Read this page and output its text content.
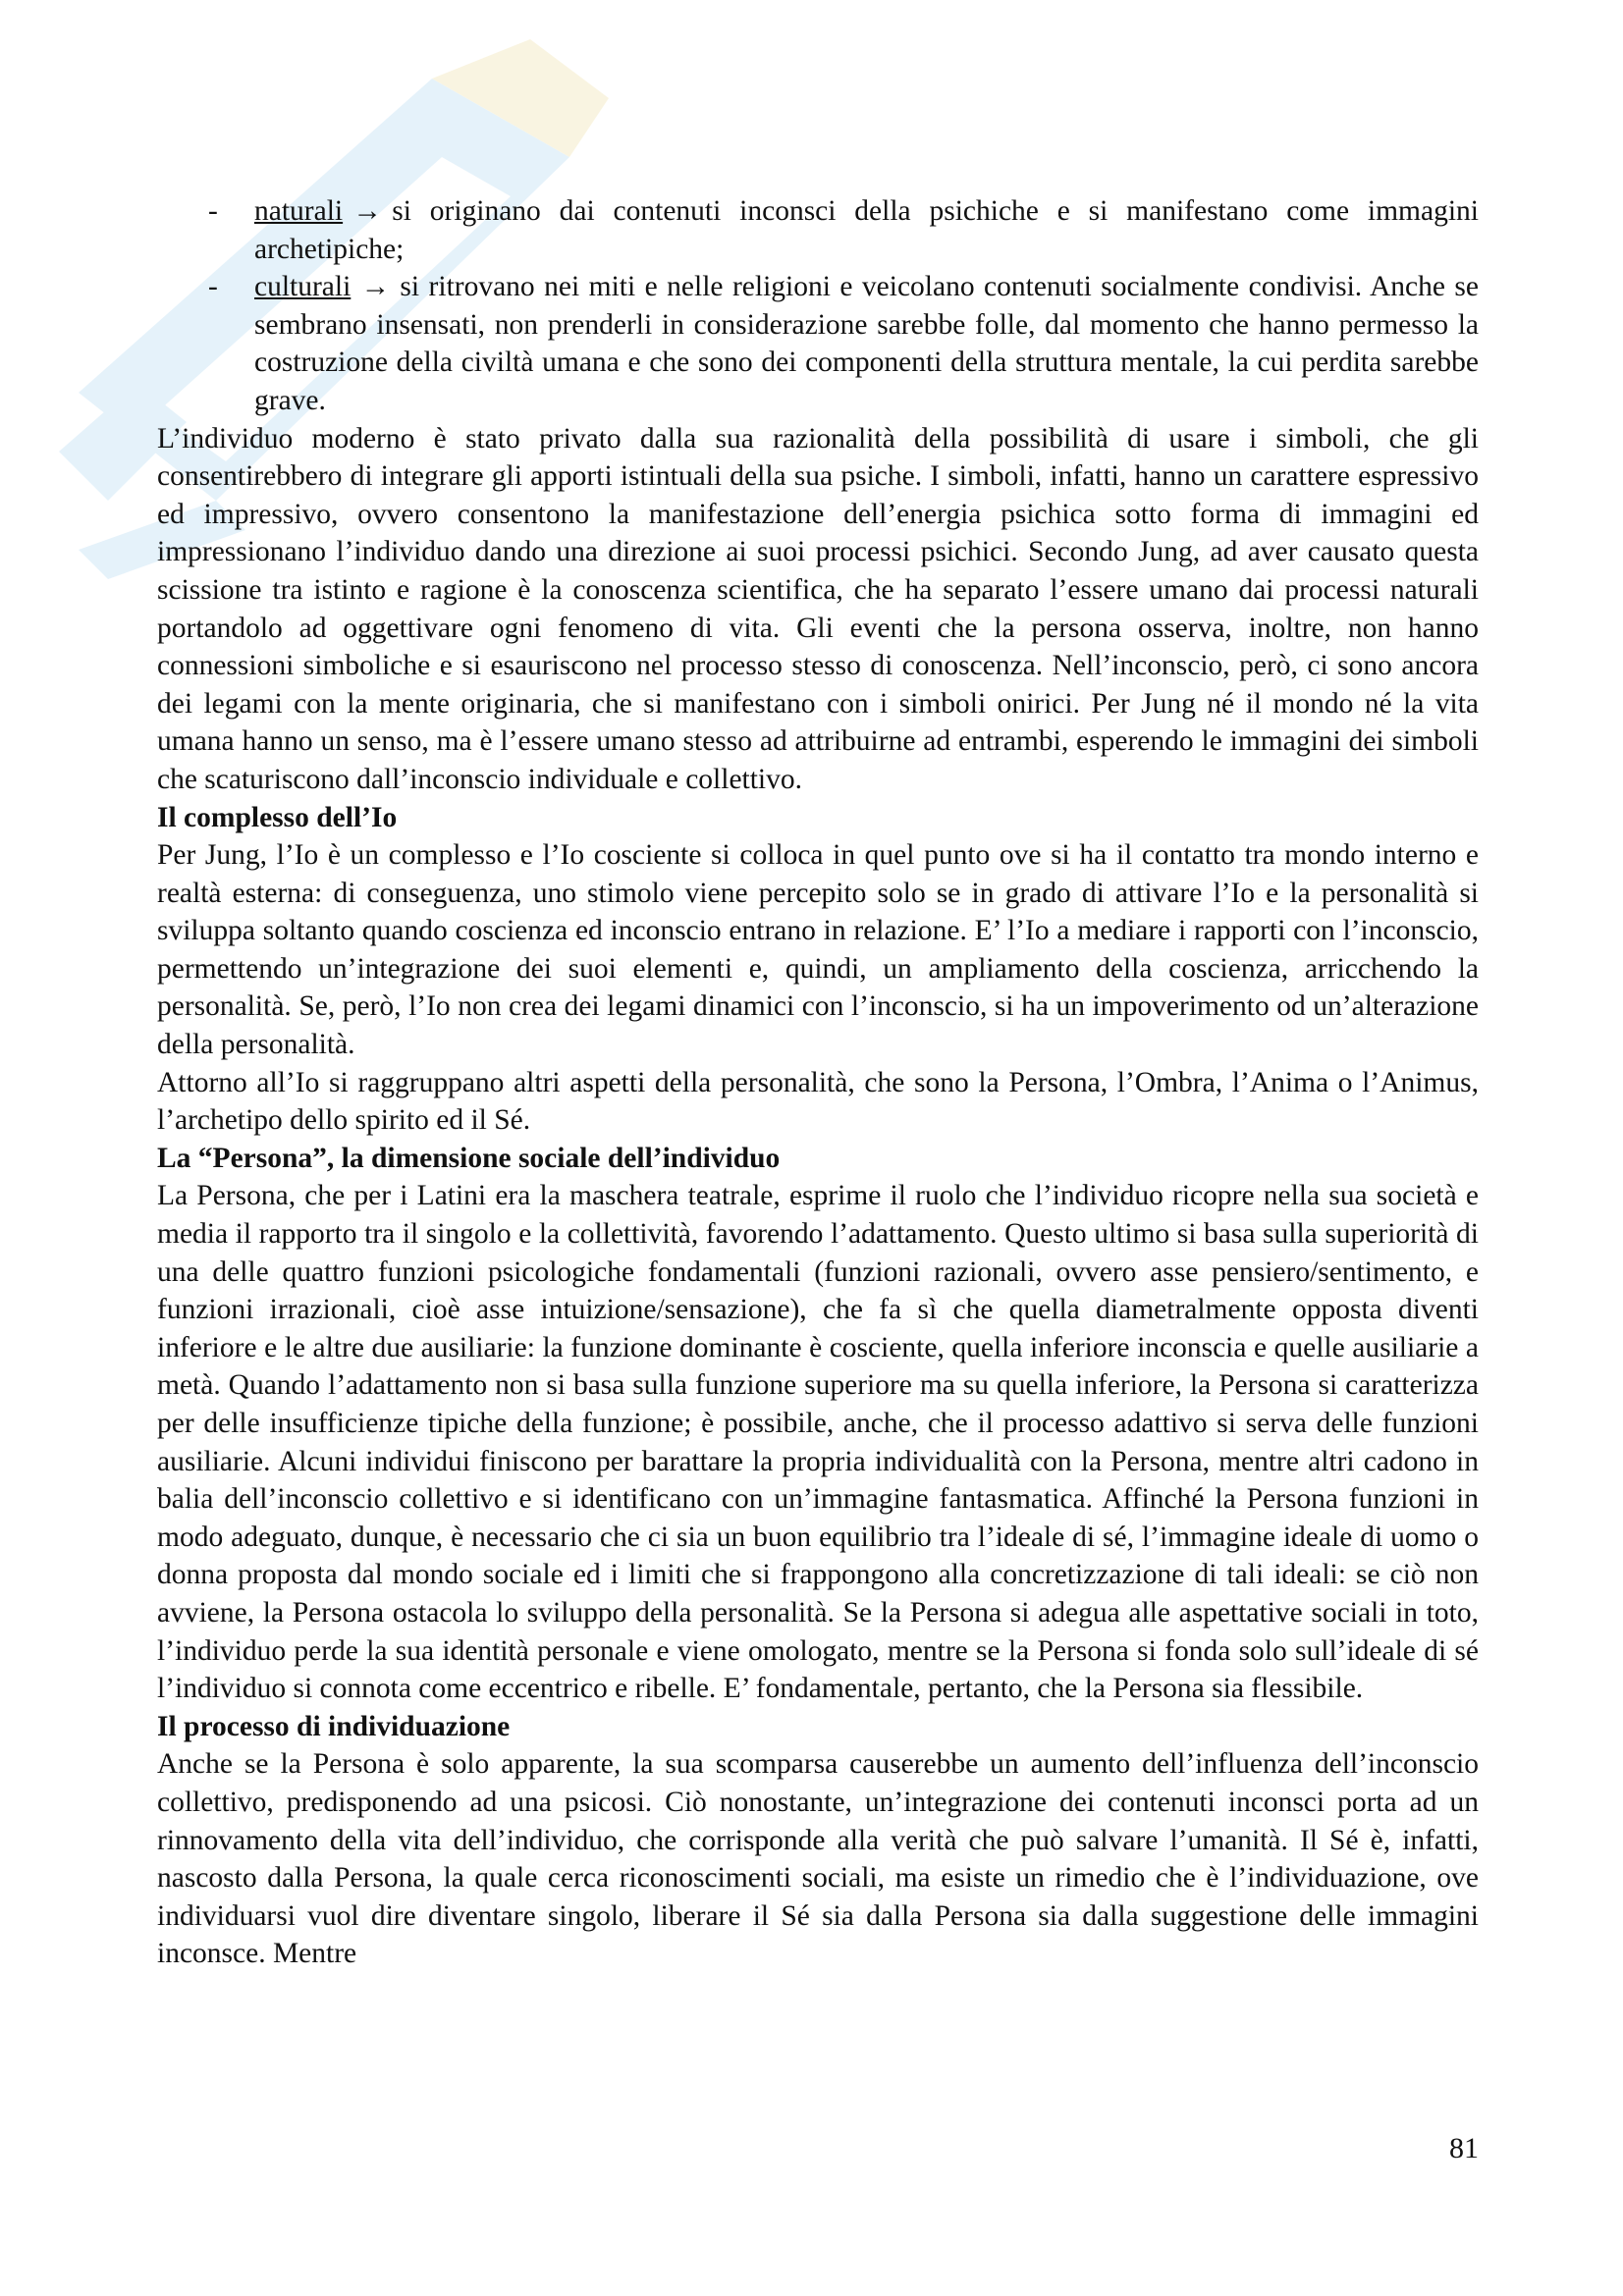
- naturali → si originano dai contenuti inconsci della psichiche e si manifestano come immagini archetipiche;
- culturali → si ritrovano nei miti e nelle religioni e veicolano contenuti socialmente condivisi. Anche se sembrano insensati, non prenderli in considerazione sarebbe folle, dal momento che hanno permesso la costruzione della civiltà umana e che sono dei componenti della struttura mentale, la cui perdita sarebbe grave.

L’individuo moderno è stato privato dalla sua razionalità della possibilità di usare i simboli, che gli consentirebbero di integrare gli apporti istintuali della sua psiche. I simboli, infatti, hanno un carattere espressivo ed impressivo, ovvero consentono la manifestazione dell’energia psichica sotto forma di immagini ed impressionano l’individuo dando una direzione ai suoi processi psichici. Secondo Jung, ad aver causato questa scissione tra istinto e ragione è la conoscenza scientifica, che ha separato l’essere umano dai processi naturali portandolo ad oggettivare ogni fenomeno di vita. Gli eventi che la persona osserva, inoltre, non hanno connessioni simboliche e si esauriscono nel processo stesso di conoscenza. Nell’inconscio, però, ci sono ancora dei legami con la mente originaria, che si manifestano con i simboli onirici. Per Jung né il mondo né la vita umana hanno un senso, ma è l’essere umano stesso ad attribuirne ad entrambi, esperendo le immagini dei simboli che scaturiscono dall’inconscio individuale e collettivo.

Il complesso dell’Io

Per Jung, l’Io è un complesso e l’Io cosciente si colloca in quel punto ove si ha il contatto tra mondo interno e realtà esterna: di conseguenza, uno stimolo viene percepito solo se in grado di attivare l’Io e la personalità si sviluppa soltanto quando coscienza ed inconscio entrano in relazione. E’ l’Io a mediare i rapporti con l’inconscio, permettendo un’integrazione dei suoi elementi e, quindi, un ampliamento della coscienza, arricchendo la personalità. Se, però, l’Io non crea dei legami dinamici con l’inconscio, si ha un impoverimento od un’alterazione della personalità.

Attorno all’Io si raggruppano altri aspetti della personalità, che sono la Persona, l’Ombra, l’Anima o l’Animus, l’archetipo dello spirito ed il Sé.

La “Persona”, la dimensione sociale dell’individuo

La Persona, che per i Latini era la maschera teatrale, esprime il ruolo che l’individuo ricopre nella sua società e media il rapporto tra il singolo e la collettività, favorendo l’adattamento. Questo ultimo si basa sulla superiorità di una delle quattro funzioni psicologiche fondamentali (funzioni razionali, ovvero asse pensiero/sentimento, e funzioni irrazionali, cioè asse intuizione/sensazione), che fa sì che quella diametralmente opposta diventi inferiore e le altre due ausiliarie: la funzione dominante è cosciente, quella inferiore inconscia e quelle ausiliarie a metà. Quando l’adattamento non si basa sulla funzione superiore ma su quella inferiore, la Persona si caratterizza per delle insufficienze tipiche della funzione; è possibile, anche, che il processo adattivo si serva delle funzioni ausiliarie. Alcuni individui finiscono per barattare la propria individualità con la Persona, mentre altri cadono in balia dell’inconscio collettivo e si identificano con un’immagine fantasmatica. Affinché la Persona funzioni in modo adeguato, dunque, è necessario che ci sia un buon equilibrio tra l’ideale di sé, l’immagine ideale di uomo o donna proposta dal mondo sociale ed i limiti che si frappongono alla concretizzazione di tali ideali: se ciò non avviene, la Persona ostacola lo sviluppo della personalità. Se la Persona si adegua alle aspettative sociali in toto, l’individuo perde la sua identità personale e viene omologato, mentre se la Persona si fonda solo sull’ideale di sé l’individuo si connota come eccentrico e ribelle. E’ fondamentale, pertanto, che la Persona sia flessibile.

Il processo di individuazione

Anche se la Persona è solo apparente, la sua scomparsa causerebbe un aumento dell’influenza dell’inconscio collettivo, predisponendo ad una psicosi. Ciò nonostante, un’integrazione dei contenuti inconsci porta ad un rinnovamento della vita dell’individuo, che corrisponde alla verità che può salvare l’umanità. Il Sé è, infatti, nascosto dalla Persona, la quale cerca riconoscimenti sociali, ma esiste un rimedio che è l’individuazione, ove individuarsi vuol dire diventare singolo, liberare il Sé sia dalla Persona sia dalla suggestione delle immagini inconsce. Mentre

81
